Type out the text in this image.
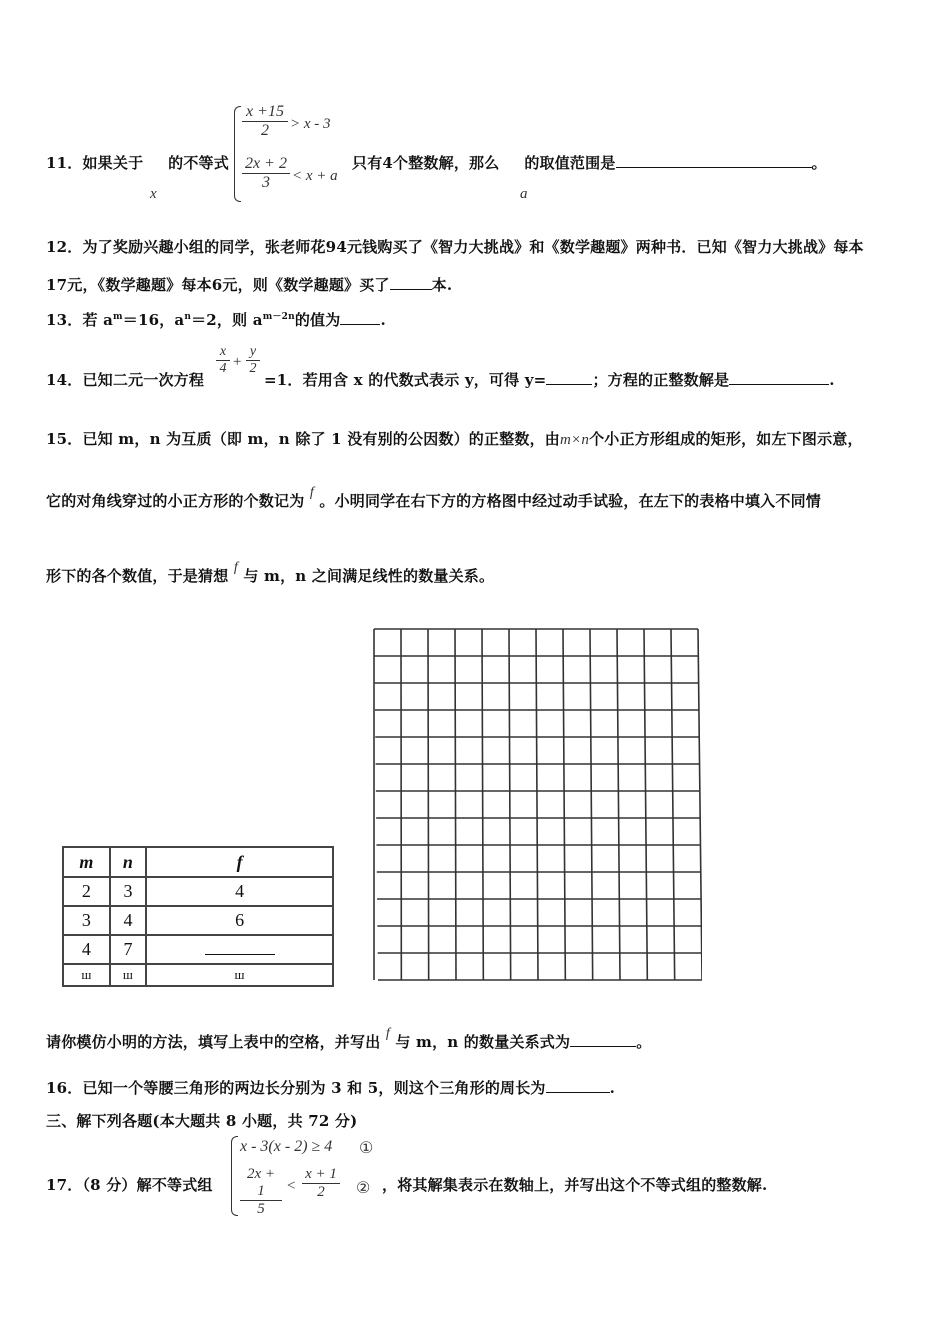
11．如果关于 的不等式
x
$\frac{x +15}{2} > x - 3$
$\frac{2x + 2}{3} < x + a$
只有4个整数解，那么 的取值范围是	。
a
12．为了奖励兴趣小组的同学，张老师花94元钱购买了《智力大挑战》和《数学趣题》两种书．已知《智力大挑战》每本
17元，《数学趣题》每本6元，则《数学趣题》买了	本.
13．若 $a^m=16$，$a^n=2$，则 $a^{m-2n}$的值为	.
14．已知二元一次方程
$\frac{x}{4} + \frac{y}{2}$
=1．若用含 x 的代数式表示 y，可得 y=	；方程的正整数解是	.
15．已知 m，n 为互质（即 m，n 除了 1 没有别的公因数）的正整数，由m×n个小正方形组成的矩形，如左下图示意，
它的对角线穿过的小正方形的个数记为 f 。小明同学在右下方的方格图中经过动手试验，在左下的表格中填入不同情
形下的各个数值，于是猜想 f 与 m，n 之间满足线性的数量关系。
m	n	f
2	3	4
3	4	6
4	7	
ш	ш	ш
请你模仿小明的方法，填写上表中的空格，并写出 f 与 m，n 的数量关系式为	。
16．已知一个等腰三角形的两边长分别为 3 和 5，则这个三角形的周长为	.
三、解下列各题(本大题共 8 小题，共 72 分)
17．（8 分）解不等式组
x - 3(x - 2) ≥ 4 ①
$\frac{2x + 1}{5} < \frac{x + 1}{2}$ ② ，将其解集表示在数轴上，并写出这个不等式组的整数解.
